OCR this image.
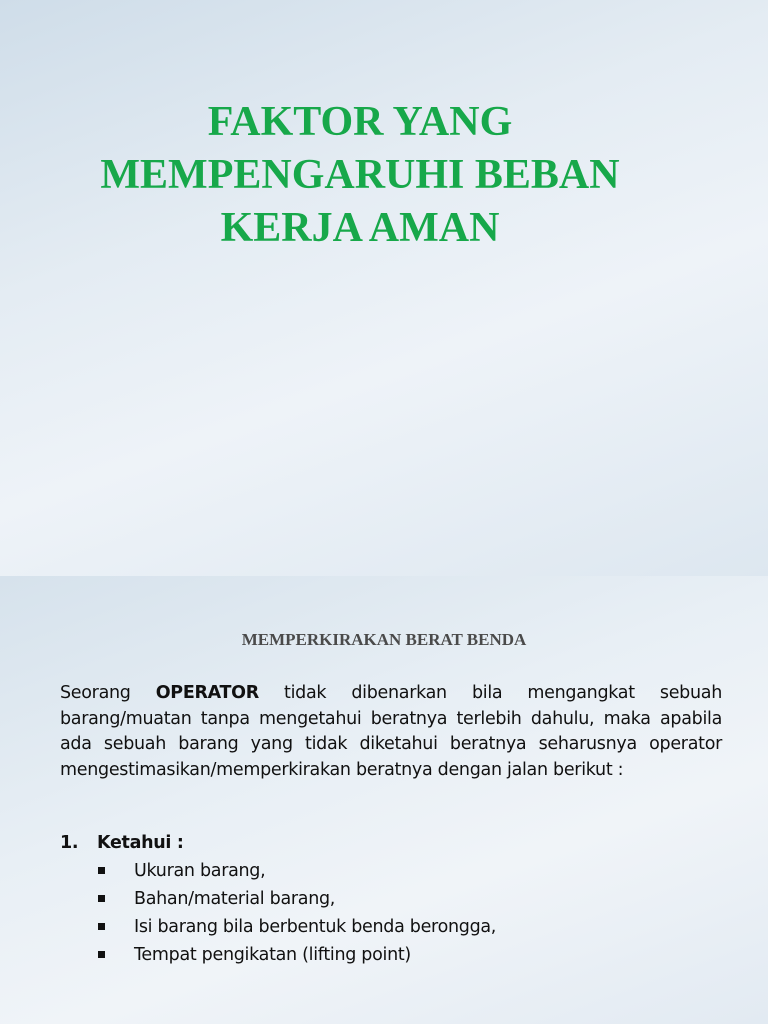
FAKTOR YANG
MEMPENGARUHI BEBAN
KERJA AMAN
MEMPERKIRAKAN BERAT BENDA

Seorang OPERATOR tidak dibenarkan bila mengangkat sebuah barang/muatan tanpa mengetahui beratnya terlebih dahulu, maka apabila ada sebuah barang yang tidak diketahui beratnya seharusnya operator mengestimasikan/memperkirakan beratnya dengan jalan berikut :

1. Ketahui :
Ukuran barang,
Bahan/material barang,
Isi barang bila berbentuk benda berongga,
Tempat pengikatan (lifting point)
